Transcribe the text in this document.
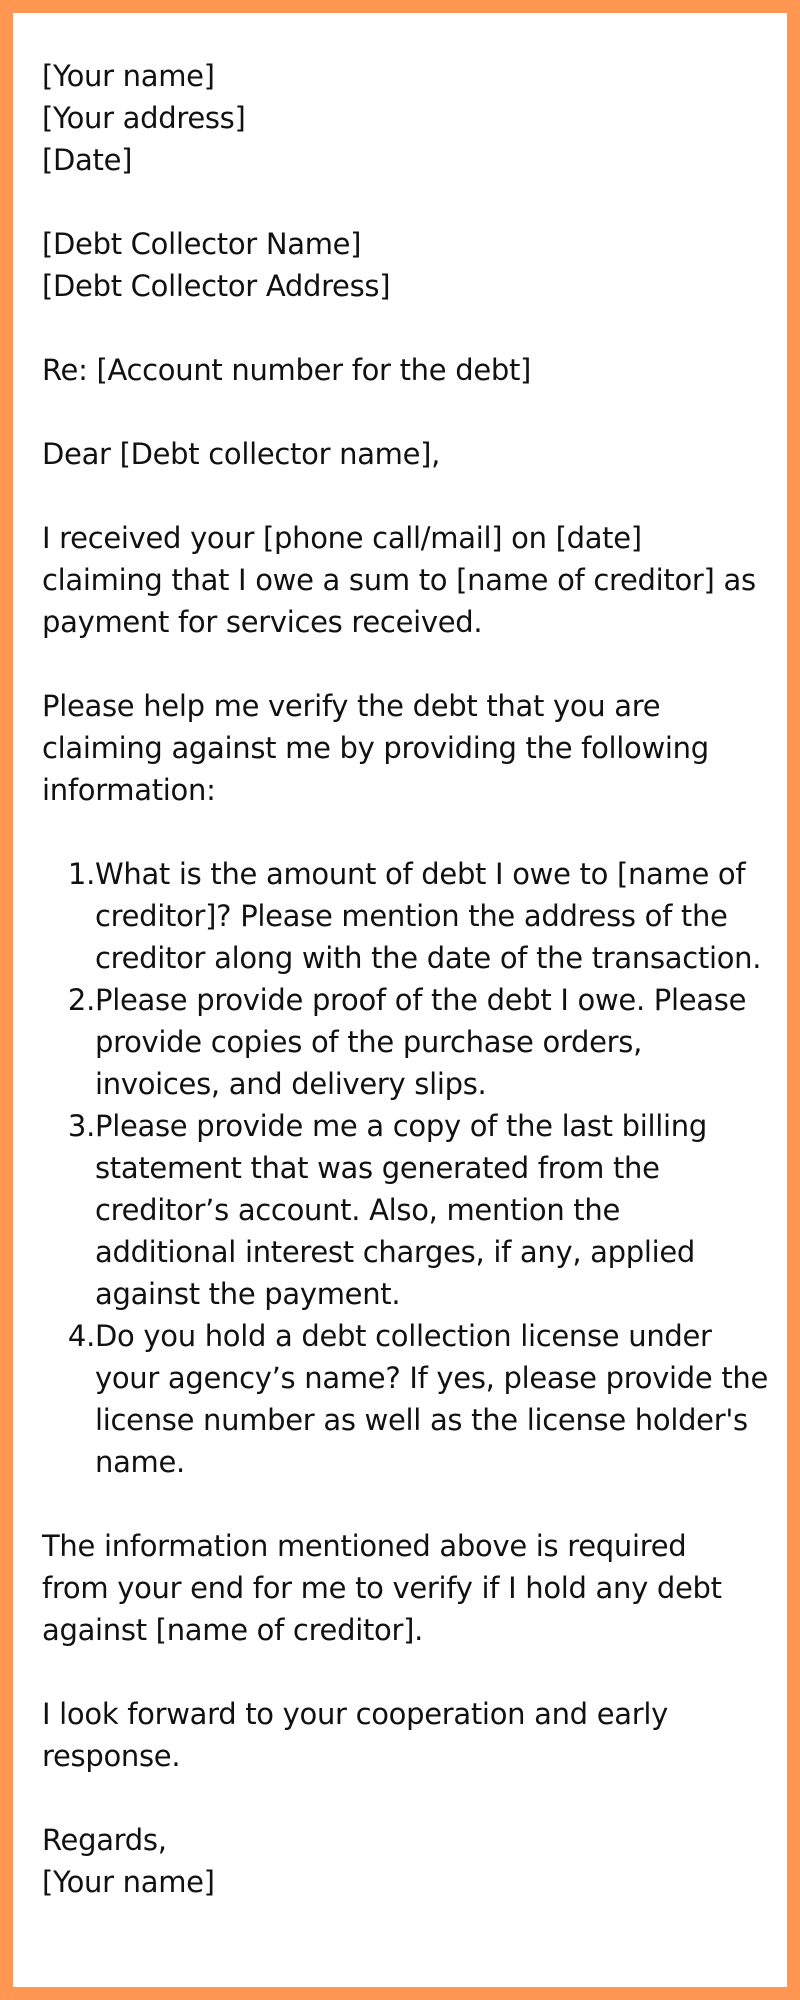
[Your name]
[Your address]
[Date]
[Debt Collector Name]
[Debt Collector Address]
Re: [Account number for the debt]
Dear [Debt collector name],
I received your [phone call/mail] on [date]
claiming that I owe a sum to [name of creditor] as
payment for services received.
Please help me verify the debt that you are
claiming against me by providing the following
information:
1. What is the amount of debt I owe to [name of
creditor]? Please mention the address of the
creditor along with the date of the transaction.
2. Please provide proof of the debt I owe. Please
provide copies of the purchase orders,
invoices, and delivery slips.
3. Please provide me a copy of the last billing
statement that was generated from the
creditor’s account. Also, mention the
additional interest charges, if any, applied
against the payment.
4. Do you hold a debt collection license under
your agency’s name? If yes, please provide the
license number as well as the license holder's
name.
The information mentioned above is required
from your end for me to verify if I hold any debt
against [name of creditor].
I look forward to your cooperation and early
response.
Regards,
[Your name]
